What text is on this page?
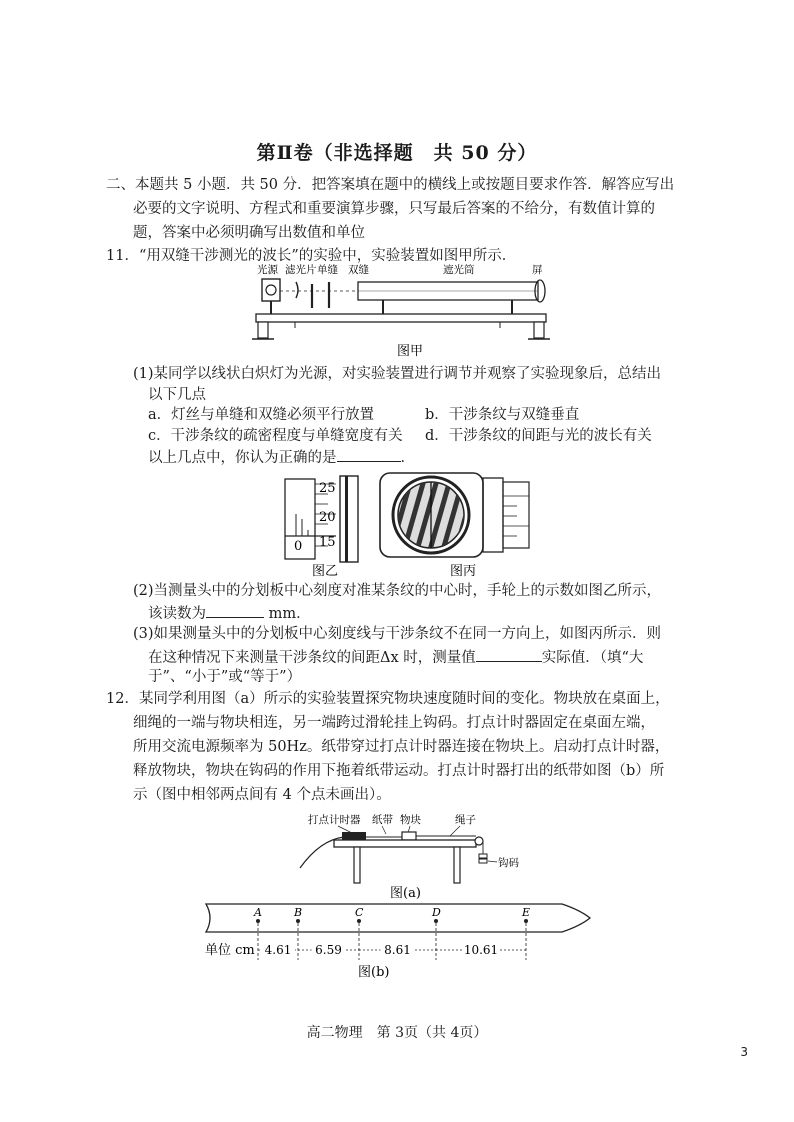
第Ⅱ卷（非选择题　共 50 分）
二、本题共 5 小题．共 50 分．把答案填在题中的横线上或按题目要求作答．解答应写出
必要的文字说明、方程式和重要演算步骤，只写最后答案的不给分，有数值计算的
题，答案中必须明确写出数值和单位
11．“用双缝干涉测光的波长”的实验中，实验装置如图甲所示．
光源 滤光片 单缝 双缝	遮光筒	屏
图甲
(1)某同学以线状白炽灯为光源，对实验装置进行调节并观察了实验现象后，总结出
以下几点
a．灯丝与单缝和双缝必须平行放置	b．干涉条纹与双缝垂直
c．干涉条纹的疏密程度与单缝宽度有关 d．干涉条纹的间距与光的波长有关
以上几点中，你认为正确的是	．
0
25
20
15
图乙	图丙
(2)当测量头中的分划板中心刻度对准某条纹的中心时，手轮上的示数如图乙所示，
该读数为	mm．
(3)如果测量头中的分划板中心刻度线与干涉条纹不在同一方向上，如图丙所示．则
在这种情况下来测量干涉条纹的间距Δx 时，测量值	实际值．（填“大
于”、“小于”或“等于”）
12．某同学利用图（a）所示的实验装置探究物块速度随时间的变化。物块放在桌面上，
细绳的一端与物块相连，另一端跨过滑轮挂上钩码。打点计时器固定在桌面左端，
所用交流电源频率为 50Hz。纸带穿过打点计时器连接在物块上。启动打点计时器，
释放物块，物块在钩码的作用下拖着纸带运动。打点计时器打出的纸带如图（b）所
示（图中相邻两点间有 4 个点未画出）。
打点计时器 纸带 物块	绳子
钩码
图(a)
A	B	C	D	E
单位 cm 4.61 6.59	8.61	10.61
图(b)
高二物理　第 3页（共 4页）
3
